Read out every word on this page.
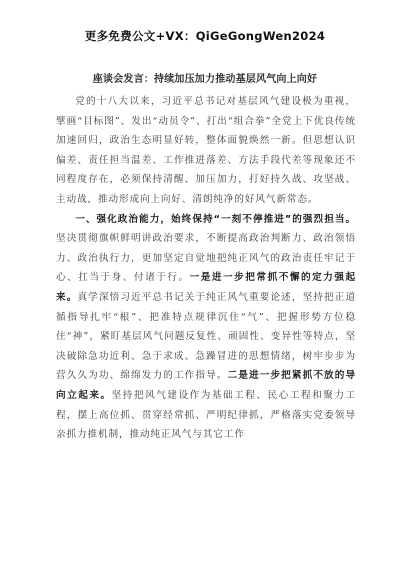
更多免费公文+VX：QiGeGongWen2024
座谈会发言：持续加压加力推动基层风气向上向好

党的十八大以来，习近平总书记对基层风气建设极为重视，擘画“目标图”、发出“动员令”、打出“组合拳”全党上下优良传统加速回归，政治生态明显好转，整体面貌焕然一新。但思想认识偏差、责任担当温差、工作推进落差、方法手段代差等现象还不同程度存在，必须保持清醒、加压加力，打好持久战、攻坚战、主动战，推动形成向上向好、清朗纯净的好风气新常态。

一、强化政治能力，始终保持“一刻不停推进”的强烈担当。坚决贯彻旗帜鲜明讲政治要求，不断提高政治判断力、政治领悟力、政治执行力，更加坚定自觉地把纯正风气的政治责任牢记于心、扛当于身、付诸于行。一是进一步把常抓不懈的定力强起来。真学深悟习近平总书记关于纯正风气重要论述，坚持把正道循指导扎牢“根”、把准特点规律沉住“气”、把握形势方位稳住“神”，紧盯基层风气问题反复性、顽固性、变异性等特点，坚决破除急功近利、急于求成、急躁冒进的思想情绪，树牢步步为营久久为功、绵绵发力的工作指导。二是进一步把紧抓不放的导向立起来。坚持把风气建设作为基础工程、民心工程和聚力工程，摆上高位抓、贯穿经常抓、严明纪律抓，严格落实党委领导亲抓力推机制，推动纯正风气与其它工作
